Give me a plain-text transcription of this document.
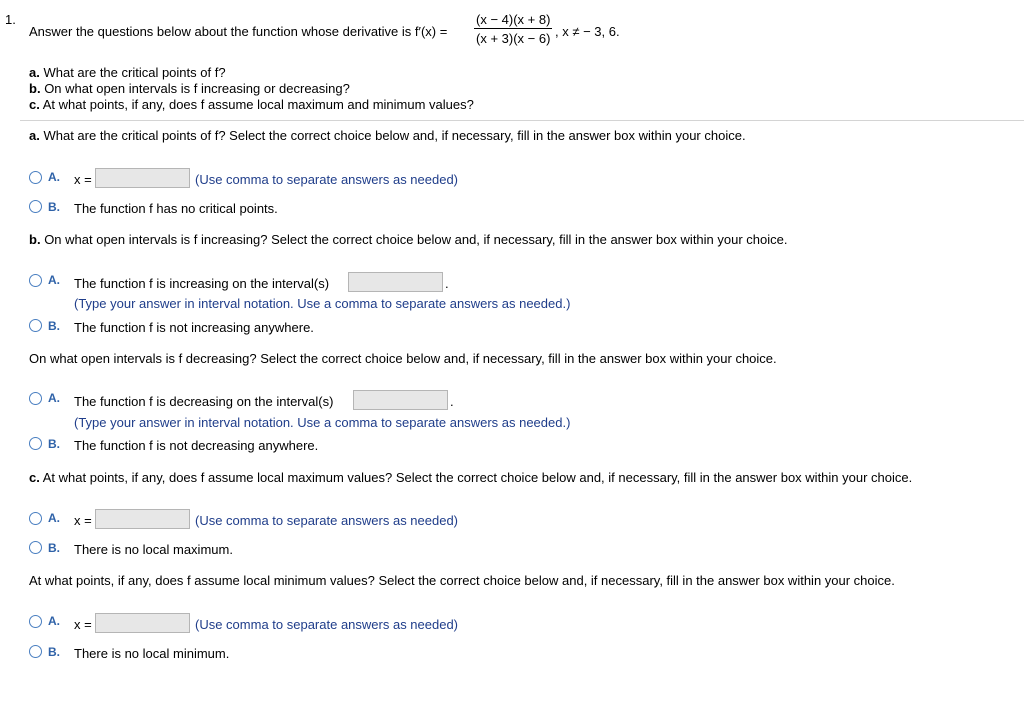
1.
Answer the questions below about the function whose derivative is $f'(x) = \frac{(x - 4)(x + 8)}{(x + 3)(x - 6)}$ , x ≠ − 3, 6.
a. What are the critical points of f?
b. On what open intervals is f increasing or decreasing?
c. At what points, if any, does f assume local maximum and minimum values?
a. What are the critical points of f? Select the correct choice below and, if necessary, fill in the answer box within your choice.
A. x =	(Use comma to separate answers as needed)
B. The function f has no critical points.
b. On what open intervals is f increasing? Select the correct choice below and, if necessary, fill in the answer box within your choice.
A. The function f is increasing on the interval(s)	.
(Type your answer in interval notation. Use a comma to separate answers as needed.)
B. The function f is not increasing anywhere.
On what open intervals is f decreasing? Select the correct choice below and, if necessary, fill in the answer box within your choice.
A. The function f is decreasing on the interval(s)	.
(Type your answer in interval notation. Use a comma to separate answers as needed.)
B. The function f is not decreasing anywhere.
c. At what points, if any, does f assume local maximum values? Select the correct choice below and, if necessary, fill in the answer box within your choice.
A. x =	(Use comma to separate answers as needed)
B. There is no local maximum.
At what points, if any, does f assume local minimum values? Select the correct choice below and, if necessary, fill in the answer box within your choice.
A. x =	(Use comma to separate answers as needed)
B. There is no local minimum.
